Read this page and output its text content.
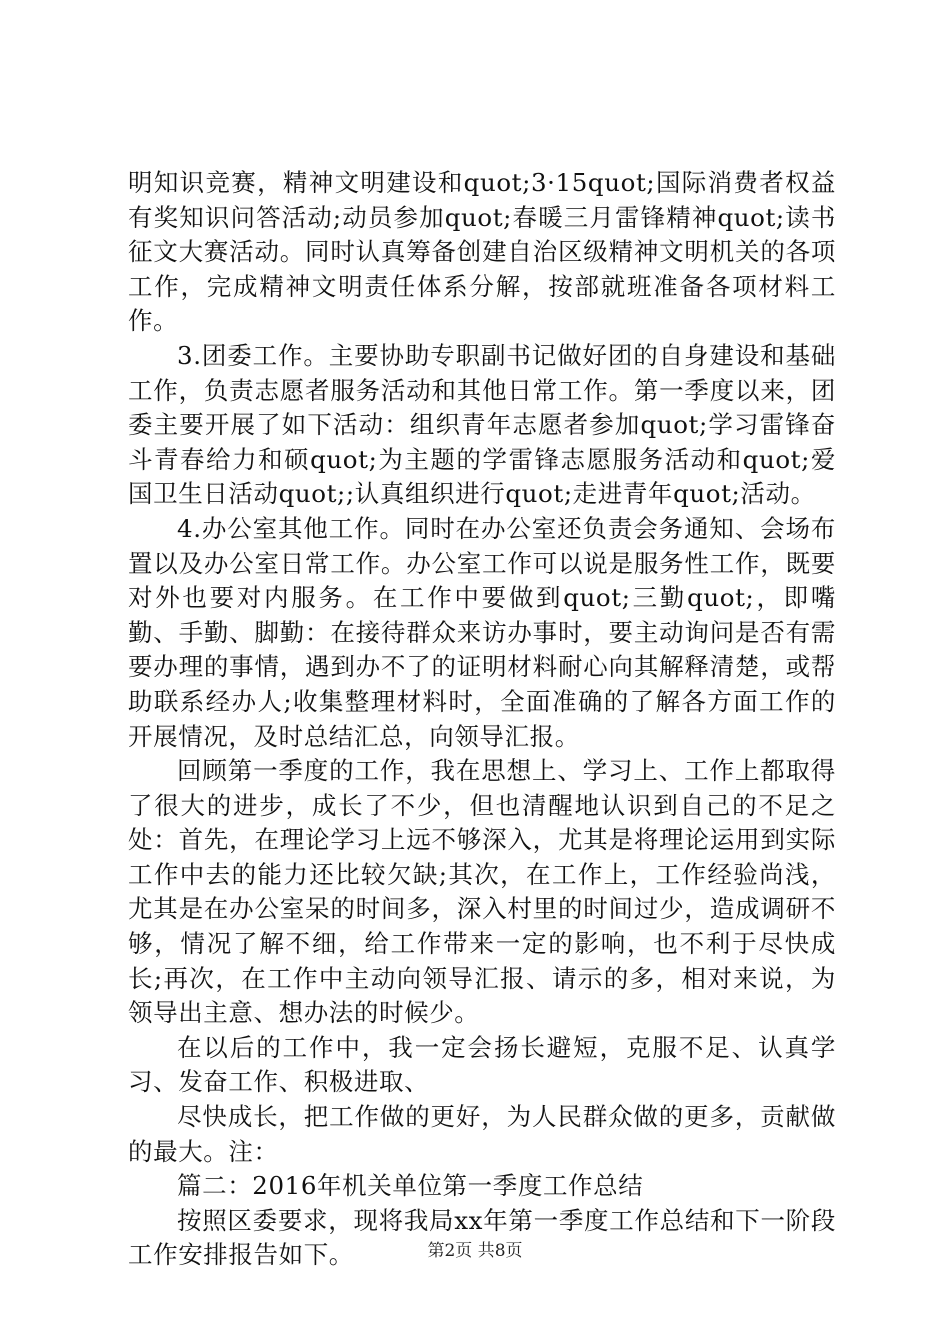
明知识竞赛，精神文明建设和quot;3·15quot;国际消费者权益有奖知识问答活动;动员参加quot;春暖三月雷锋精神quot;读书征文大赛活动。同时认真筹备创建自治区级精神文明机关的各项工作，完成精神文明责任体系分解，按部就班准备各项材料工作。

3.团委工作。主要协助专职副书记做好团的自身建设和基础工作，负责志愿者服务活动和其他日常工作。第一季度以来，团委主要开展了如下活动：组织青年志愿者参加quot;学习雷锋奋斗青春给力和硕quot;为主题的学雷锋志愿服务活动和quot;爱国卫生日活动quot;;认真组织进行quot;走进青年quot;活动。

4.办公室其他工作。同时在办公室还负责会务通知、会场布置以及办公室日常工作。办公室工作可以说是服务性工作，既要对外也要对内服务。在工作中要做到quot;三勤quot;，即嘴勤、手勤、脚勤：在接待群众来访办事时，要主动询问是否有需要办理的事情，遇到办不了的证明材料耐心向其解释清楚，或帮助联系经办人;收集整理材料时，全面准确的了解各方面工作的开展情况，及时总结汇总，向领导汇报。

回顾第一季度的工作，我在思想上、学习上、工作上都取得了很大的进步，成长了不少，但也清醒地认识到自己的不足之处：首先，在理论学习上远不够深入，尤其是将理论运用到实际工作中去的能力还比较欠缺;其次，在工作上，工作经验尚浅，尤其是在办公室呆的时间多，深入村里的时间过少，造成调研不够，情况了解不细，给工作带来一定的影响，也不利于尽快成长;再次，在工作中主动向领导汇报、请示的多，相对来说，为领导出主意、想办法的时候少。

在以后的工作中，我一定会扬长避短，克服不足、认真学习、发奋工作、积极进取、

尽快成长，把工作做的更好，为人民群众做的更多，贡献做的最大。注：

篇二：2016年机关单位第一季度工作总结

按照区委要求，现将我局xx年第一季度工作总结和下一阶段工作安排报告如下。	第2页 共8页
